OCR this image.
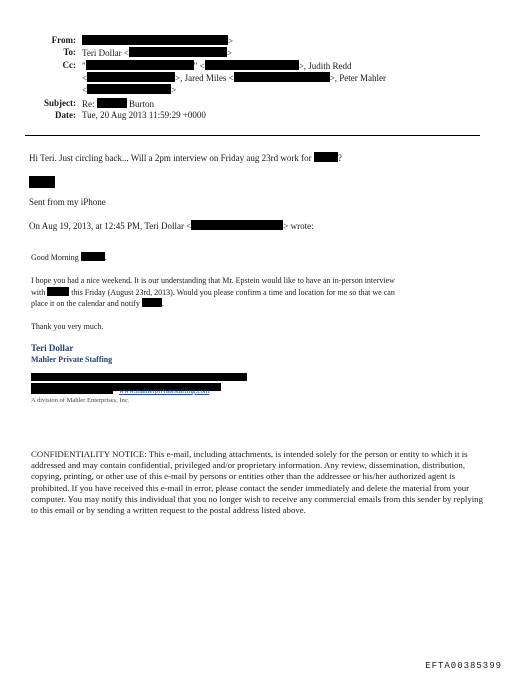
From:	>
To: Teri Dollar <	>
Cc: "	" <	>, Judith Redd
<	>, Jared Miles <	>, Peter Mahler
<	>
Subject: Re:	Burton
Date: Tue, 20 Aug 2013 11:59:29 +0000
Hi Teri. Just circling back... Will a 2pm interview on Friday aug 23rd work for	?
Sent from my iPhone
On Aug 19, 2013, at 12:45 PM, Teri Dollar <	> wrote:
Good Morning	.
I hope you had a nice weekend. It is our understanding that Mr. Epstein would like to have an in-person interview
with	this Friday (August 23rd, 2013). Would you please confirm a time and location for me so that we can
place it on the calendar and notify	.
Thank you very much.
Teri Dollar
Mahler Private Staffing
• www.mahlerprivatestaffing.com
A division of Mahler Enterprises, Inc.
CONFIDENTIALITY NOTICE: This e-mail, including attachments, is intended solely for the person or entity to which it is addressed and may contain confidential, privileged and/or proprietary information. Any review, dissemination, distribution, copying, printing, or other use of this e-mail by persons or entities other than the addressee or his/her authorized agent is prohibited. If you have received this e-mail in error, please contact the sender immediately and delete the material from your computer. You may notify this individual that you no longer wish to receive any commercial emails from this sender by replying to this email or by sending a written request to the postal address listed above.
EFTA00385399
